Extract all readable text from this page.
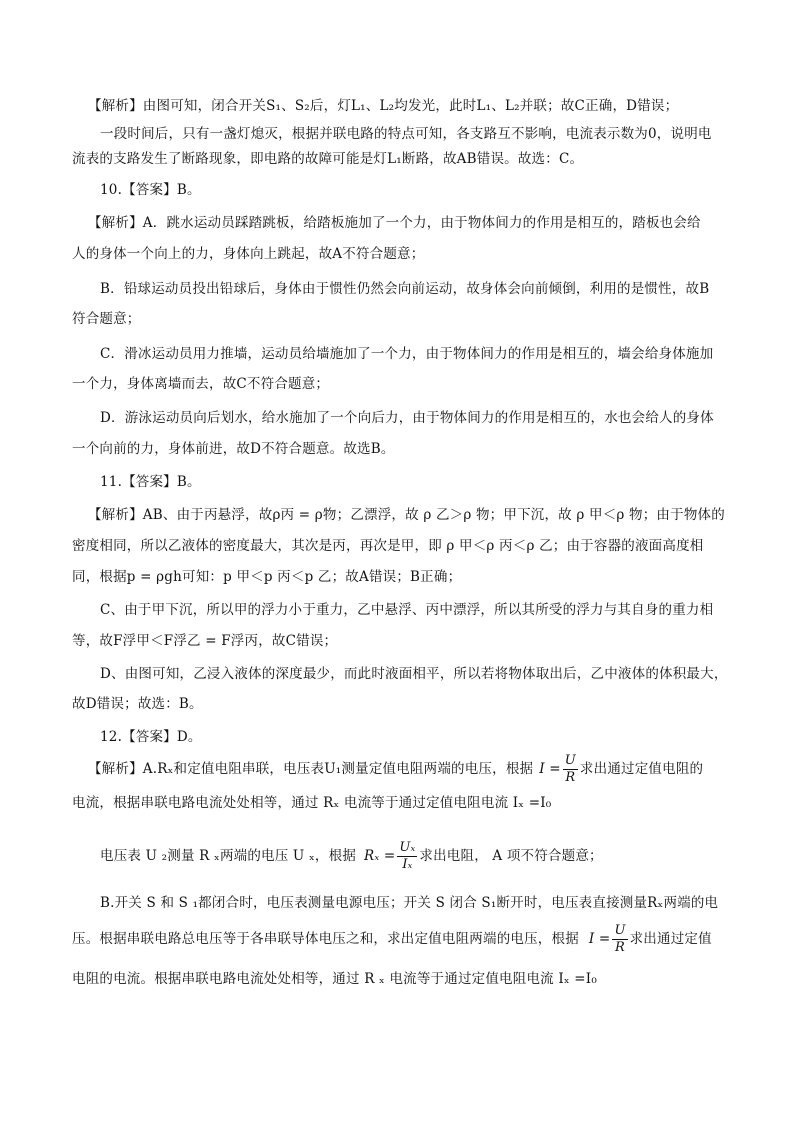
【解析】由图可知，闭合开关S₁、S₂后，灯L₁、L₂均发光，此时L₁、L₂并联；故C正确，D错误；
一段时间后，只有一盏灯熄灭，根据并联电路的特点可知，各支路互不影响，电流表示数为0，说明电
流表的支路发生了断路现象，即电路的故障可能是灯L₁断路，故AB错误。故选：C。
10.【答案】B。
【解析】A．跳水运动员踩踏跳板，给踏板施加了一个力，由于物体间力的作用是相互的，踏板也会给
人的身体一个向上的力，身体向上跳起，故A不符合题意；
B．铅球运动员投出铅球后，身体由于惯性仍然会向前运动，故身体会向前倾倒，利用的是惯性，故B
符合题意；
C．滑冰运动员用力推墙，运动员给墙施加了一个力，由于物体间力的作用是相互的，墙会给身体施加
一个力，身体离墙而去，故C不符合题意；
D．游泳运动员向后划水，给水施加了一个向后力，由于物体间力的作用是相互的，水也会给人的身体
一个向前的力，身体前进，故D不符合题意。故选B。
11.【答案】B。
【解析】AB、由于丙悬浮，故ρ丙 = ρ物；乙漂浮，故 ρ 乙＞ρ 物；甲下沉，故 ρ 甲＜ρ 物；由于物体的
密度相同，所以乙液体的密度最大，其次是丙，再次是甲，即 ρ 甲＜ρ 丙＜ρ 乙；由于容器的液面高度相
同，根据p = ρgh可知：p 甲＜p 丙＜p 乙；故A错误；B正确；
C、由于甲下沉，所以甲的浮力小于重力，乙中悬浮、丙中漂浮，所以其所受的浮力与其自身的重力相
等，故F浮甲＜F浮乙 = F浮丙，故C错误；
D、由图可知，乙浸入液体的深度最少，而此时液面相平，所以若将物体取出后，乙中液体的体积最大，
故D错误；故选：B。
12.【答案】D。
【解析】A.Rₓ和定值电阻串联，电压表U₁测量定值电阻两端的电压，根据 $I = \frac{U}{R}$ 求出通过定值电阻的
电流，根据串联电路电流处处相等，通过 Rₓ 电流等于通过定值电阻电流 Iₓ =I₀
电压表 U ₂测量 R ₓ两端的电压 U ₓ，根据 $R_x = \frac{\text{Uₓ}}{\text{Iₓ}}$ 求出电阻， A 项不符合题意；
B.开关 S 和 S ₁都闭合时，电压表测量电源电压；开关 S 闭合 S₁断开时，电压表直接测量Rₓ两端的电
压。根据串联电路总电压等于各串联导体电压之和，求出定值电阻两端的电压，根据 $I = \frac{U}{R}$ 求出通过定值
电阻的电流。根据串联电路电流处处相等，通过 R ₓ 电流等于通过定值电阻电流 Iₓ =I₀
